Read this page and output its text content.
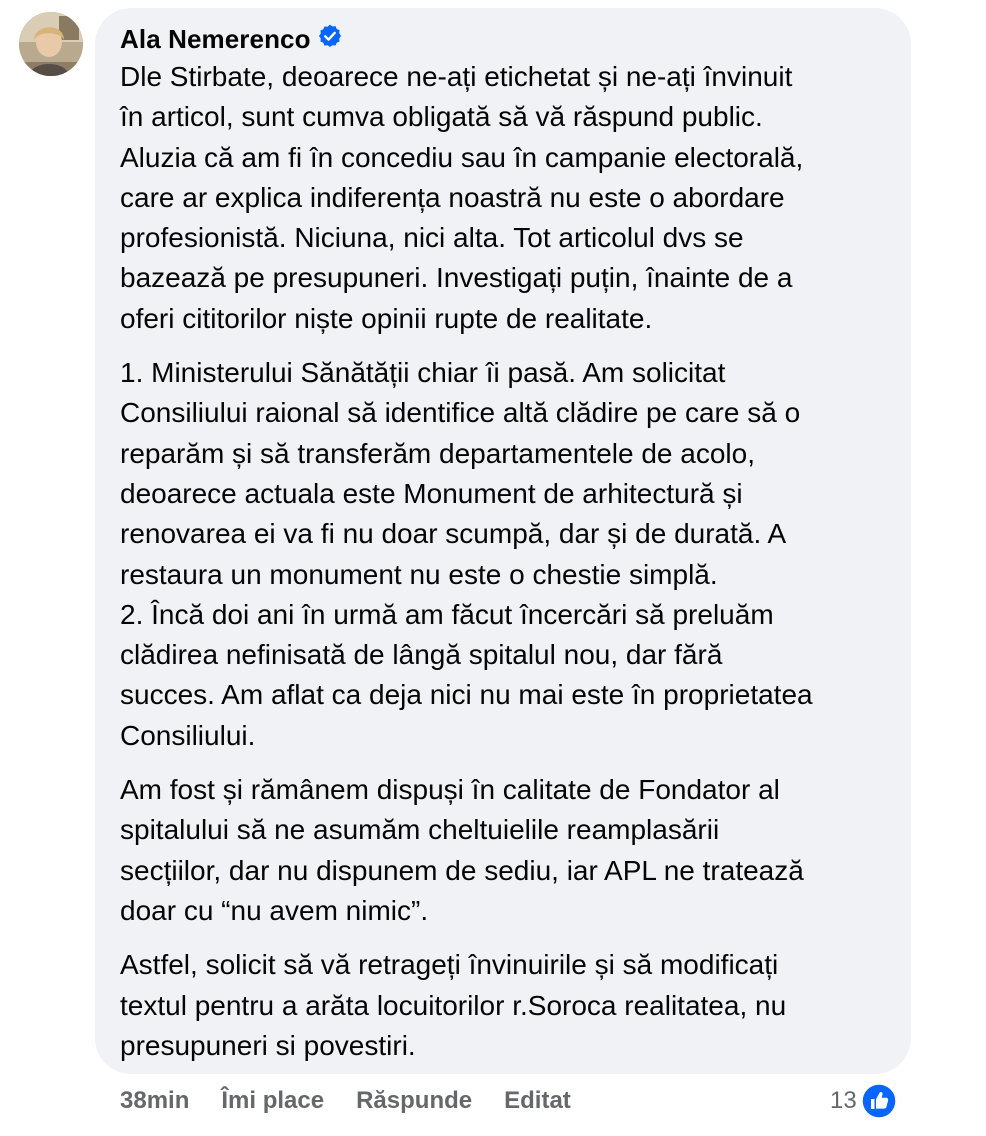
Ala Nemerenco

Dle Stirbate, deoarece ne-ați etichetat și ne-ați învinuit
în articol, sunt cumva obligată să vă răspund public.
Aluzia că am fi în concediu sau în campanie electorală,
care ar explica indiferența noastră nu este o abordare
profesionistă. Niciuna, nici alta. Tot articolul dvs se
bazează pe presupuneri. Investigați puțin, înainte de a
oferi cititorilor niște opinii rupte de realitate.

1. Ministerului Sănătății chiar îi pasă. Am solicitat
Consiliului raional să identifice altă clădire pe care să o
reparăm și să transferăm departamentele de acolo,
deoarece actuala este Monument de arhitectură și
renovarea ei va fi nu doar scumpă, dar și de durată. A
restaura un monument nu este o chestie simplă.
2. Încă doi ani în urmă am făcut încercări să preluăm
clădirea nefinisată de lângă spitalul nou, dar fără
succes. Am aflat ca deja nici nu mai este în proprietatea
Consiliului.

Am fost și rămânem dispuși în calitate de Fondator al
spitalului să ne asumăm cheltuielile reamplasării
secțiilor, dar nu dispunem de sediu, iar APL ne tratează
doar cu “nu avem nimic”.

Astfel, solicit să vă retrageți învinuirile și să modificați
textul pentru a arăta locuitorilor r.Soroca realitatea, nu
presupuneri si povestiri.

38min Îmi place Răspunde Editat	13
